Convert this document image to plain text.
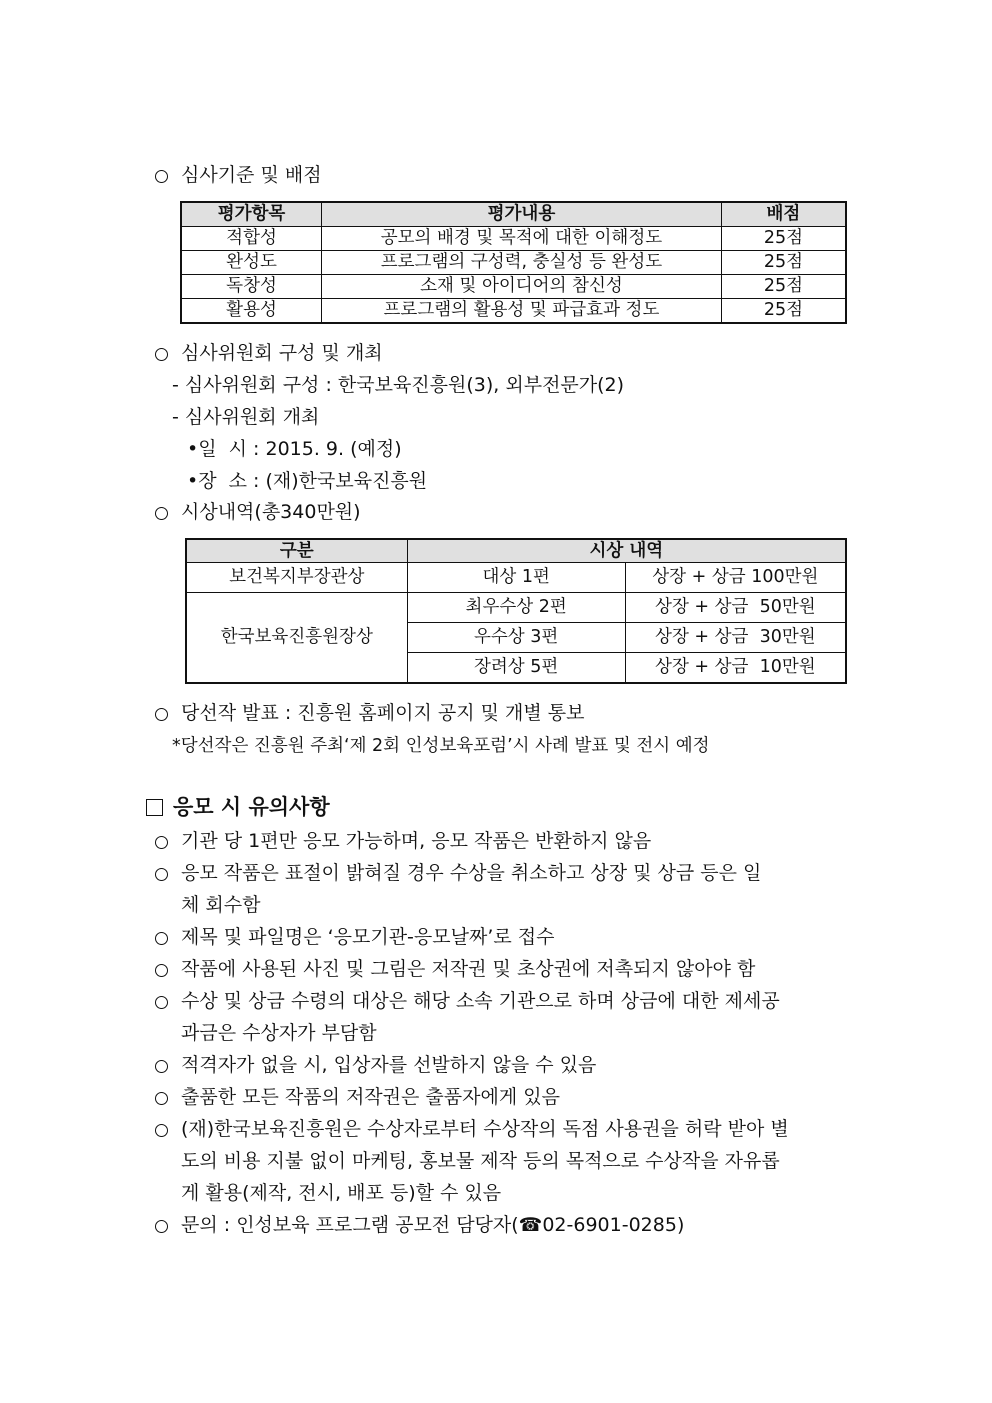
심사기준 및 배점
평가항목	평가내용	배점
적합성	공모의 배경 및 목적에 대한 이해정도	25점
완성도	프로그램의 구성력, 충실성 등 완성도	25점
독창성	소재 및 아이디어의 참신성	25점
활용성	프로그램의 활용성 및 파급효과 정도	25점
심사위원회 구성 및 개최
- 심사위원회 구성 : 한국보육진흥원(3), 외부전문가(2)
- 심사위원회 개최
•일  시 : 2015. 9. (예정)
•장  소 : (재)한국보육진흥원
시상내역(총340만원)
구분	시상 내역	
보건복지부장관상	대상 1편	상장 + 상금 100만원
한국보육진흥원장상	최우수상 2편	상장 + 상금  50만원
	우수상 3편	상장 + 상금  30만원
	장려상 5편	상장 + 상금  10만원
당선작 발표 : 진흥원 홈페이지 공지 및 개별 통보
*당선작은 진흥원 주최‘제 2회 인성보육포럼’시 사례 발표 및 전시 예정
응모 시 유의사항
기관 당 1편만 응모 가능하며, 응모 작품은 반환하지 않음
응모 작품은 표절이 밝혀질 경우 수상을 취소하고 상장 및 상금 등은 일
체 회수함
제목 및 파일명은 ‘응모기관-응모날짜’로 접수
작품에 사용된 사진 및 그림은 저작권 및 초상권에 저촉되지 않아야 함
수상 및 상금 수령의 대상은 해당 소속 기관으로 하며 상금에 대한 제세공
과금은 수상자가 부담함
적격자가 없을 시, 입상자를 선발하지 않을 수 있음
출품한 모든 작품의 저작권은 출품자에게 있음
(재)한국보육진흥원은 수상자로부터 수상작의 독점 사용권을 허락 받아 별
도의 비용 지불 없이 마케팅, 홍보물 제작 등의 목적으로 수상작을 자유롭
게 활용(제작, 전시, 배포 등)할 수 있음
문의 : 인성보육 프로그램 공모전 담당자(☎02-6901-0285)
